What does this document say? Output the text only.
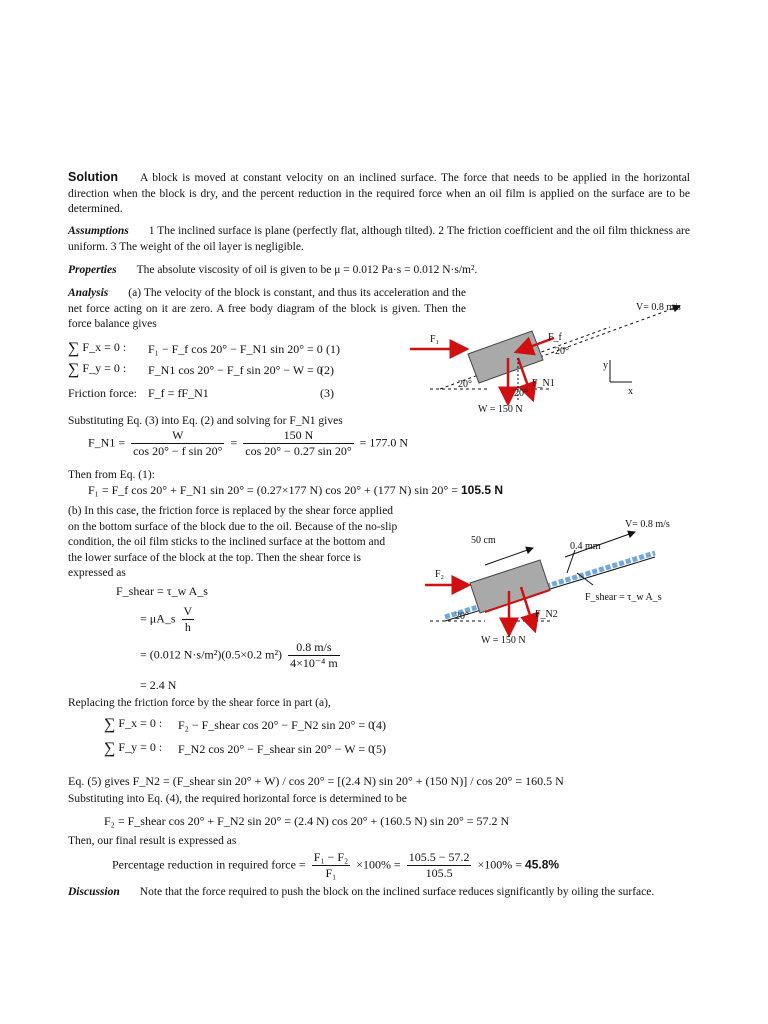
Solution A block is moved at constant velocity on an inclined surface. The force that needs to be applied in the horizontal direction when the block is dry, and the percent reduction in the required force when an oil film is applied on the surface are to be determined.
Assumptions 1 The inclined surface is plane (perfectly flat, although tilted). 2 The friction coefficient and the oil film thickness are uniform. 3 The weight of the oil layer is negligible.
Properties The absolute viscosity of oil is given to be μ = 0.012 Pa·s = 0.012 N·s/m².
Analysis (a) The velocity of the block is constant, and thus its acceleration and the net force acting on it are zero. A free body diagram of the block is given. Then the force balance gives
∑ F_x = 0 : F₁ − F_f cos 20° − F_N1 sin 20° = 0 (1)
∑ F_y = 0 : F_N1 cos 20° − F_f sin 20° − W = 0
(2)
Friction force: F_f = fF_N1	(3)
V= 0.8 m/s
F₁	F_f
20°
20°
20°
F_N1
W = 150 N
y
x
Substituting Eq. (3) into Eq. (2) and solving for F_N1 gives
F_N1 = $\frac{W}{\text{cos 20° − f sin 20°}} = \frac{150 N}{\cos 20^\circ - 0.27 \sin 20^\circ} = 177.0$ N
Then from Eq. (1):
F₁ = F_f cos 20° + F_N1 sin 20° = (0.27×177 N) cos 20° + (177 N) sin 20° = 105.5 N
(b) In this case, the friction force is replaced by the shear force applied on the bottom surface of the block due to the oil. Because of the no-slip condition, the oil film sticks to the inclined surface at the bottom and the lower surface of the block at the top. Then the shear force is expressed as
V= 0.8 m/s
50 cm
0.4 mm
F₂
F_shear = τ_w A_s
F_N2
20°
W = 150 N
F_shear = τ_w A_s
= μA_s $\frac{V}{h}$
= (0.012 N·s/m²)(0.5×0.2 $m^2) \frac{0.8 m/s}{\text{4×10⁻⁴ m}}$
= 2.4 N
Replacing the friction force by the shear force in part (a),
∑ F_x = 0 : F₂ − F_shear cos 20° − F_N2 sin 20° = 0
(4)
∑ F_y = 0 : F_N2 cos 20° − F_shear sin 20° − W = 0
(5)
Eq. (5) gives F_N2 = (F_shear sin 20° + W) / cos 20° = [(2.4 N) sin 20° + (150 N)] / cos 20° = 160.5 N
Substituting into Eq. (4), the required horizontal force is determined to be
F₂ = F_shear cos 20° + F_N2 sin 20° = (2.4 N) cos 20° + (160.5 N) sin 20° = 57.2 N
Then, our final result is expressed as
Percentage reduction in required force = $\frac{\text{F₁ − F₂}}{\text{F₁}} \times 100\% = \frac{105.5 - 57.2}{105.5} \times 100\% = 45.8\%$
Discussion Note that the force required to push the block on the inclined surface reduces significantly by oiling the surface.
